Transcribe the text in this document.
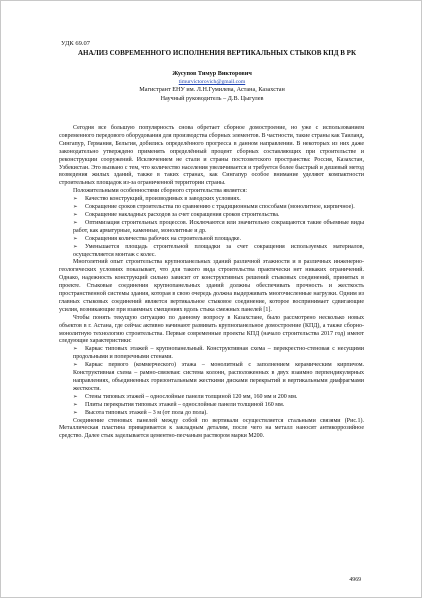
УДК 69.07
АНАЛИЗ СОВРЕМЕННОГО ИСПОЛНЕНИЯ ВЕРТИКАЛЬНЫХ СТЫКОВ КПД В РК
Жусупов Тимур Викторович
timurvictorovich@gmail.com
Магистрант ЕНУ им. Л.Н.Гумилева, Астана, Казахстан
Научный руководитель – Д.В. Цыгулев

Сегодня все большую популярность снова обретает сборное домостроение, но уже с использованием современного передового оборудования для производства сборных элементов. В частности, такие страны как Таиланд, Сингапур, Германия, Бельгия, добились определённого прогресса в данном направлении. В некоторых из них даже законодательно утверждено применять определённый процент сборных составляющих при строительстве и реконструкции сооружений. Исключением не стали и страны постсоветского пространства: Россия, Казахстан, Узбекистан. Это вызвано с тем, что количество населения увеличивается и требуется более быстрый и дешевый метод возведения жилых зданий, также в таких странах, как Сингапур особое внимание уделяют компактности строительных площадок из-за ограниченной территории страны.

Положительными особенностями сборного строительства является:

➢ Качество конструкций, производимых в заводских условиях.

➢ Сокращение сроков строительства по сравнению с традиционными способами (монолитное, кирпичное).

➢ Сокращение накладных расходов за счет сокращения сроков строительства.

➢ Оптимизация строительных процессов. Исключаются или значительно сокращаются такие объемные виды работ, как арматурные, каменные, монолитные и др.

➢ Сокращения количества рабочих на строительной площадке.

➢ Уменьшается площадь строительной площадки за счет сокращения используемых материалов, осуществляется монтаж с колес.

Многолетний опыт строительства крупнопанельных зданий различной этажности и в различных инженерно-геологических условиях показывает, что для такого вида строительства практически нет никаких ограничений. Однако, надежность конструкций сильно зависит от конструктивных решений стыковых соединений, принятых в проекте. Стыковые соединения крупнопанельных зданий должны обеспечивать прочность и жесткость пространственной системы здания, которая в свою очередь должна выдерживать многочисленные нагрузки. Одним из главных стыковых соединений является вертикальное стыковое соединение, которое воспринимает сдвигающие усилия, возникающие при взаимных смещениях вдоль стыка смежных панелей [1].

Чтобы понять текущую ситуацию по данному вопросу в Казахстане, было рассмотрено несколько новых объектов в г. Астана, где сейчас активно начинают развивать крупнопанельное домостроение (КПД), а также сборно-монолитную технологию строительства. Первые современные проекты КПД (начало строительства 2017 год) имеют следующие характеристики:

➢ Каркас типовых этажей – крупнопанельный. Конструктивная схема – перекрестно-стеновая с несущими продольными и поперечными стенами.

➢ Каркас первого (коммерческого) этажа – монолитный с заполнением керамическим кирпичом. Конструктивная схема – рамно-связевая: система колонн, расположенных в двух взаимно перпендикулярных направлениях, объединенных горизонтальными жесткими дисками перекрытий и вертикальными диафрагмами жесткости.

➢ Стены типовых этажей – однослойные панели толщиной 120 мм, 160 мм и 200 мм.

➢ Плиты перекрытия типовых этажей – однослойные панели толщиной 160 мм.

➢ Высота типовых этажей – 3 м (от пола до пола).

Соединение стеновых панелей между собой по вертикали осуществляется стальными связями (Рис.1). Металлическая пластина приваривается к закладным деталям, после чего на металл наносят антикоррозийное средство. Далее стык заделывается цементно-песчаным раствором марки М200.

4969
